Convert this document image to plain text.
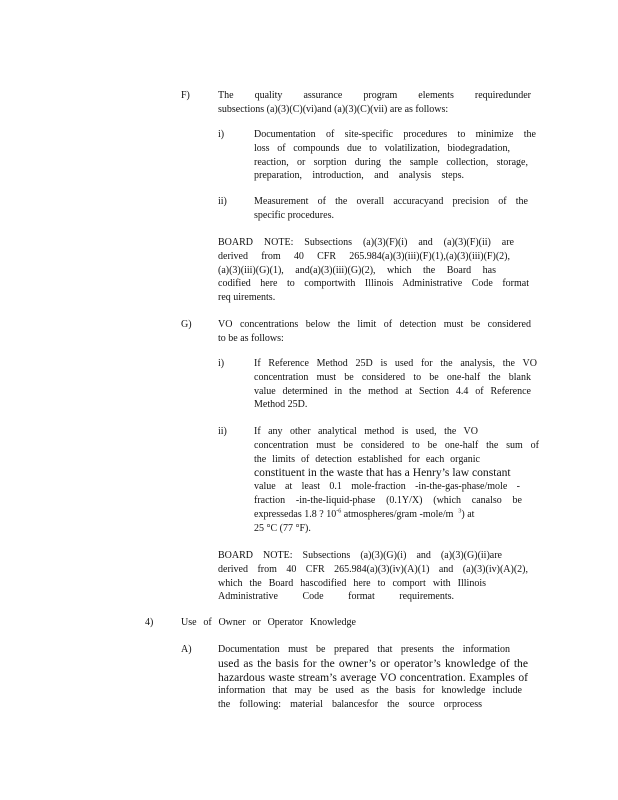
F)	The quality assurance program elements requiredunder
subsections (a)(3)(C)(vi)and (a)(3)(C)(vii) are as follows:
i)	Documentation of site-specific procedures to minimize the
loss of compounds due to volatilization, biodegradation,
reaction, or sorption during the sample collection, storage,
preparation, introduction, and analysis steps.
ii)	Measurement of the overall accuracyand precision of the
specific procedures.
BOARD NOTE: Subsections (a)(3)(F)(i) and (a)(3)(F)(ii) are
derived from 40 CFR 265.984(a)(3)(iii)(F)(1),(a)(3)(iii)(F)(2),
(a)(3)(iii)(G)(1), and(a)(3)(iii)(G)(2), which the Board has
codified here to comportwith Illinois Administrative Code format
req uirements.
G)	VO concentrations below the limit of detection must be considered
to be as follows:
i)	If Reference Method 25D is used for the analysis, the VO
concentration must be considered to be one-half the blank
value determined in the method at Section 4.4 of Reference
Method 25D.
ii)	If any other analytical method is used, the VO
concentration must be considered to be one-half the sum of
the limits of detection established for each organic
constituent in the waste that has a Henry’s law constant
value at least 0.1 mole-fraction -in-the-gas-phase/mole -
fraction -in-the-liquid-phase (0.1Y/X) (which canalso be
expressedas 1.8 ? $10^{-6}$ atmospheres/gram -mole/m $^3$) at
25 °C (77 °F).
BOARD NOTE: Subsections (a)(3)(G)(i) and (a)(3)(G)(ii)are
derived from 40 CFR 265.984(a)(3)(iv)(A)(1) and (a)(3)(iv)(A)(2),
which the Board hascodified here to comport with Illinois
Administrative Code format requirements.
4)	Use of Owner or Operator Knowledge
A)	Documentation must be prepared that presents the information
used as the basis for the owner’s or operator’s knowledge of the
hazardous waste stream’s average VO concentration. Examples of
information that may be used as the basis for knowledge include
the following: material balancesfor the source orprocess
